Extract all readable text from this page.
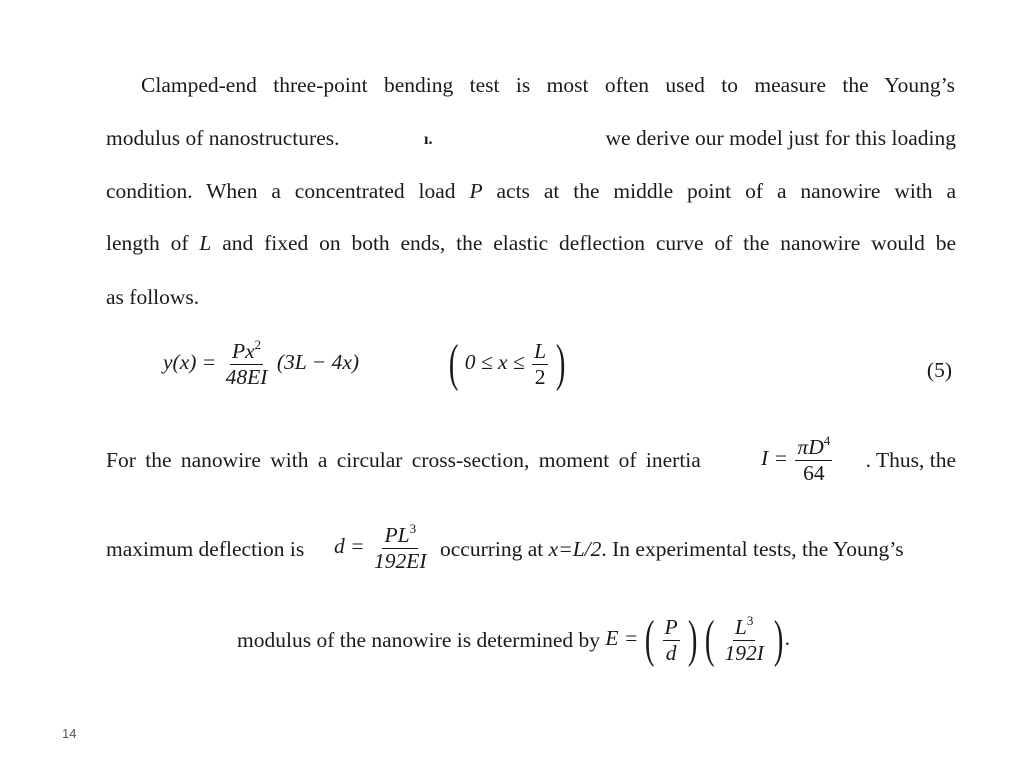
Clamped-end three-point bending test is most often used to measure the Young’s
modulus of nanostructures.	ı.	we derive our model just for this loading
condition. When a concentrated load P acts at the middle point of a nanowire with a
length of L and fixed on both ends, the elastic deflection curve of the nanowire would be
as follows.
$y(x) = \frac{Px^2}{48EI} (3L - 4x)$ ( $0 \le x \le \frac{L}{2}$ )	(5)
For the nanowire with a circular cross-section, moment of inertia	$I = \frac{\pi D^4}{64}$ . Thus, the
maximum deflection is $d = \frac{PL^3}{192EI}$ occurring at x=L/2. In experimental tests, the Young’s
modulus of the nanowire is determined by E = ( $\frac{P}{d}$ ) ( $\frac{L^3}{192I}$ ).
14
